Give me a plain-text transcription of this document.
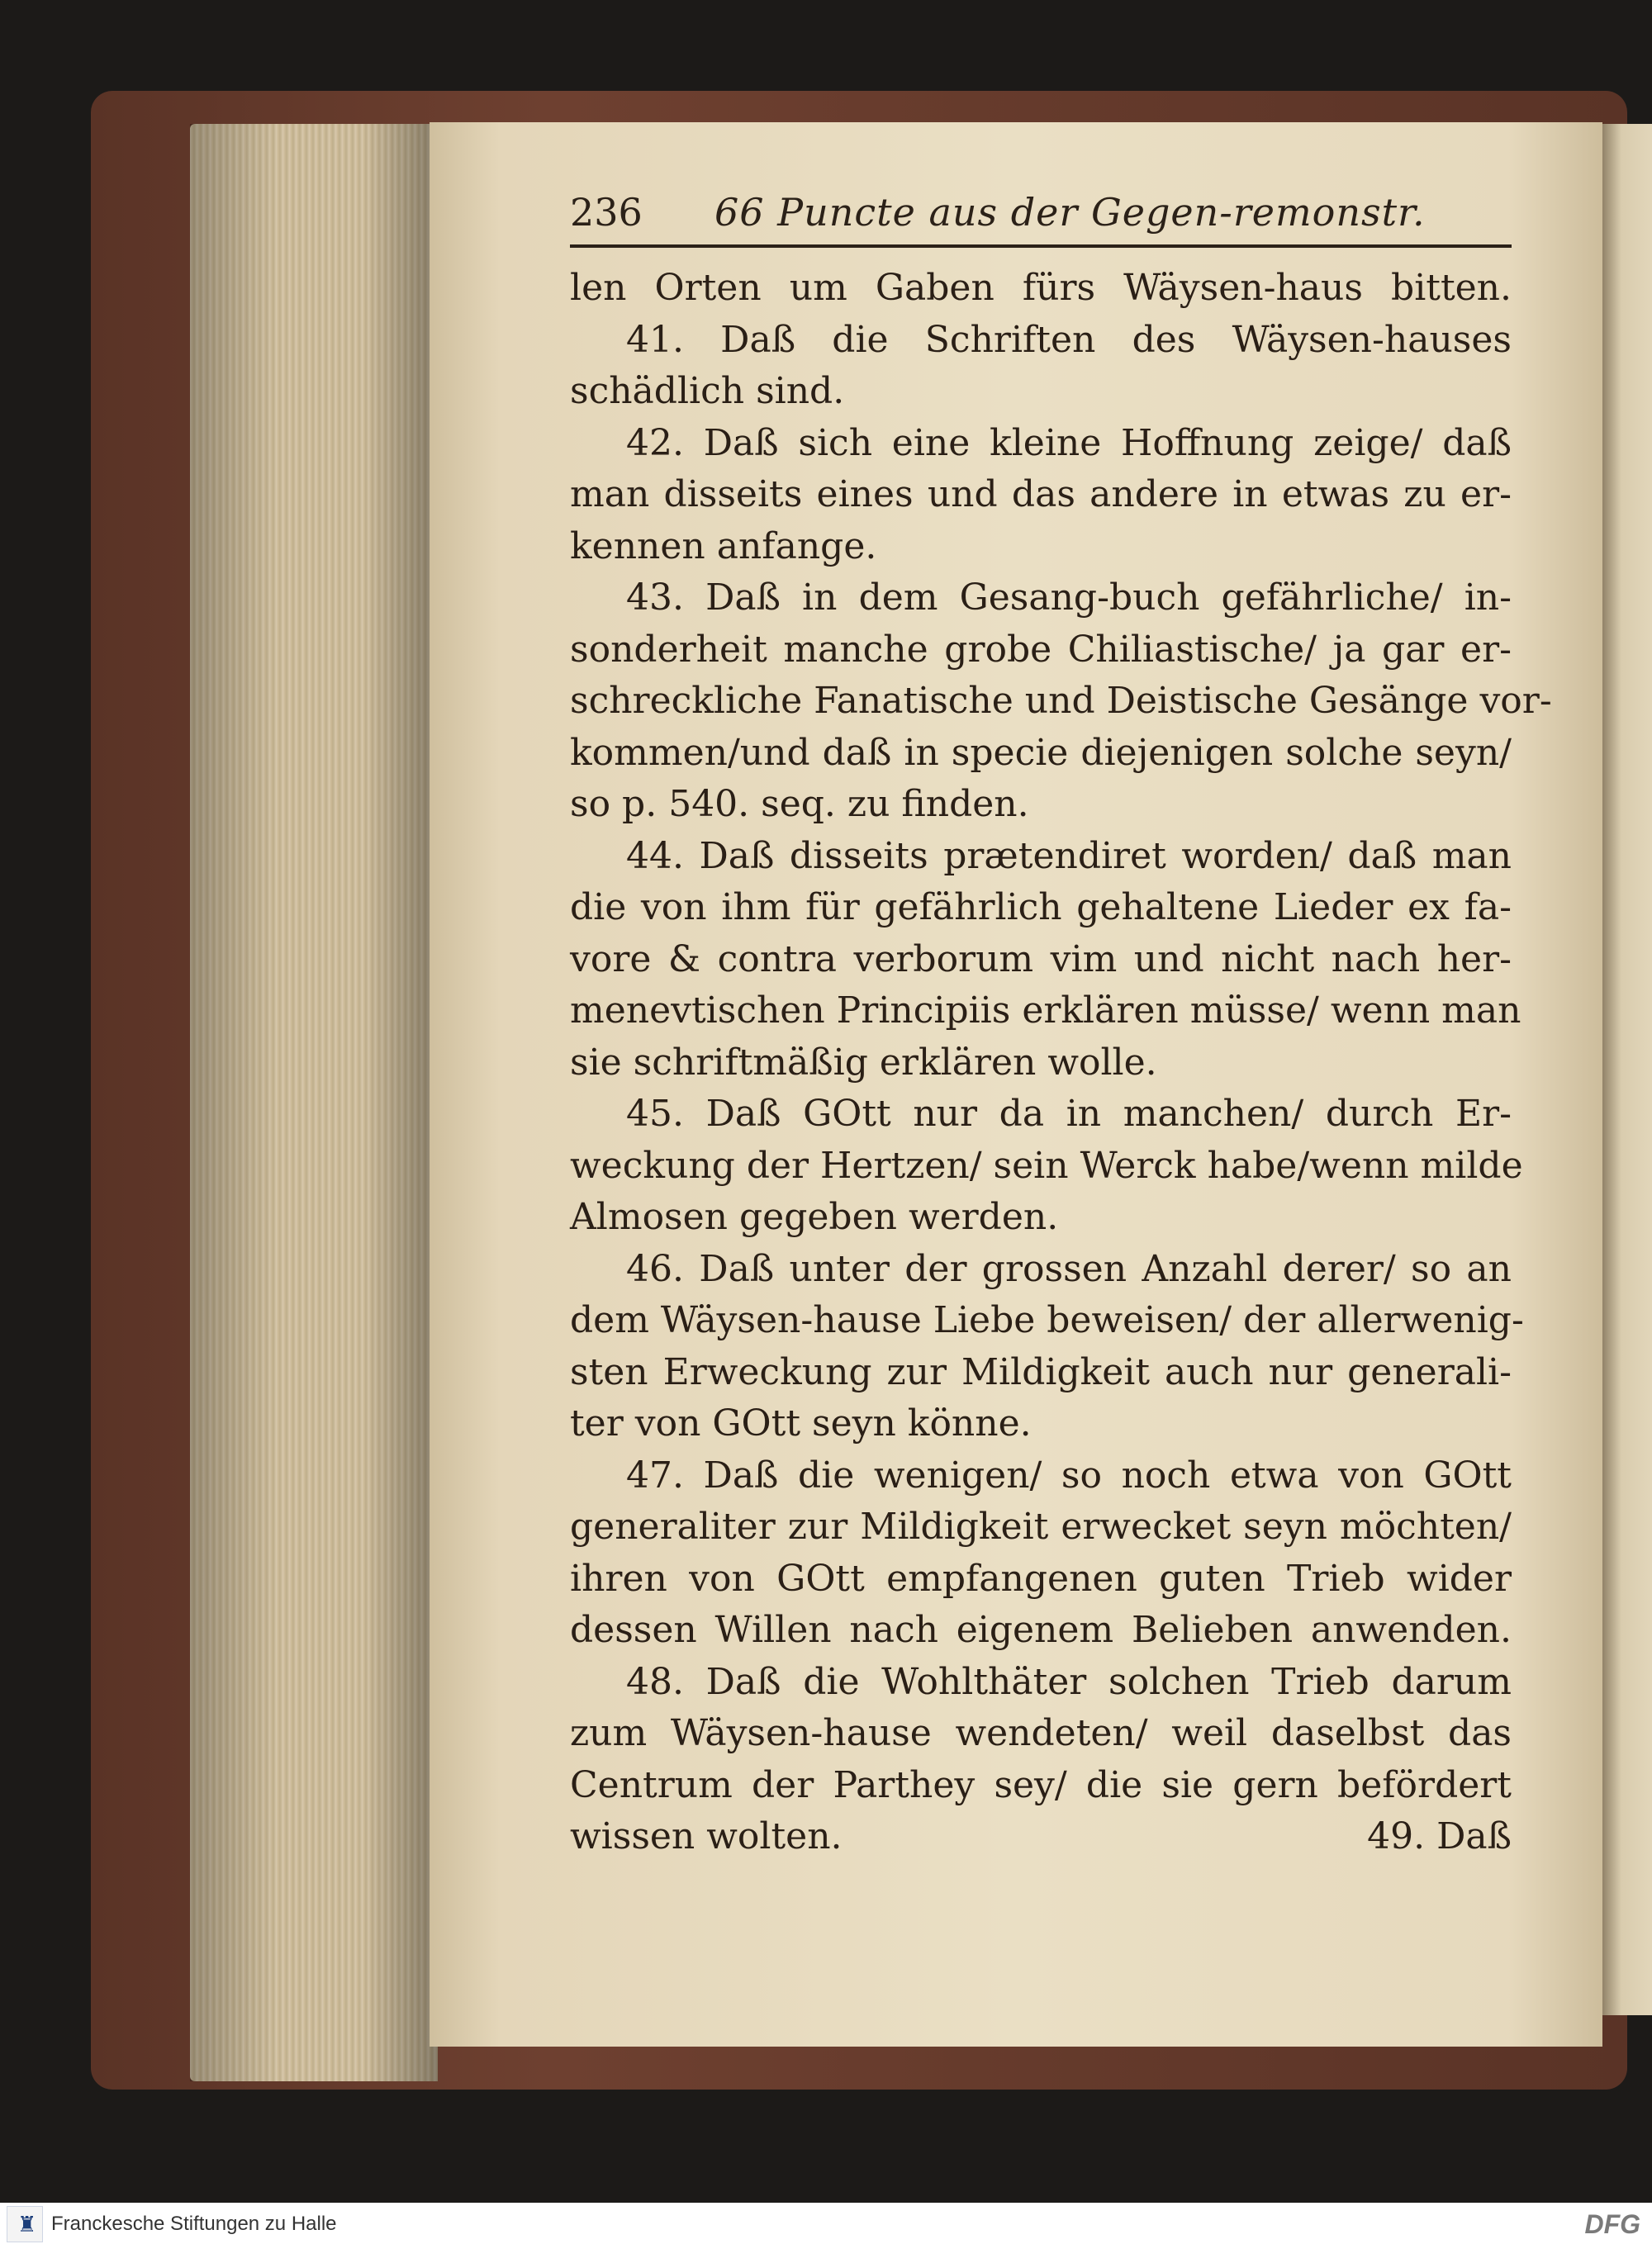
236 66 Puncte aus der Gegen-remonstr.
len Orten um Gaben fürs Wäysen-haus bitten.
41. Daß die Schriften des Wäysen-hauses
schädlich sind.
42. Daß sich eine kleine Hoffnung zeige/ daß
man disseits eines und das andere in etwas zu er-
kennen anfange.
43. Daß in dem Gesang-buch gefährliche/ in-
sonderheit manche grobe Chiliastische/ ja gar er-
schreckliche Fanatische und Deistische Gesänge vor-
kommen/und daß in specie diejenigen solche seyn/
so p. 540. seq. zu finden.
44. Daß disseits prætendiret worden/ daß man
die von ihm für gefährlich gehaltene Lieder ex fa-
vore & contra verborum vim und nicht nach her-
menevtischen Principiis erklären müsse/ wenn man
sie schriftmäßig erklären wolle.
45. Daß GOtt nur da in manchen/ durch Er-
weckung der Hertzen/ sein Werck habe/wenn milde
Almosen gegeben werden.
46. Daß unter der grossen Anzahl derer/ so an
dem Wäysen-hause Liebe beweisen/ der allerwenig-
sten Erweckung zur Mildigkeit auch nur generali-
ter von GOtt seyn könne.
47. Daß die wenigen/ so noch etwa von GOtt
generaliter zur Mildigkeit erwecket seyn möchten/
ihren von GOtt empfangenen guten Trieb wider
dessen Willen nach eigenem Belieben anwenden.
48. Daß die Wohlthäter solchen Trieb darum
zum Wäysen-hause wendeten/ weil daselbst das
Centrum der Parthey sey/ die sie gern befördert
wissen wolten.	49. Daß
♜ Franckesche Stiftungen zu Halle	DFG
